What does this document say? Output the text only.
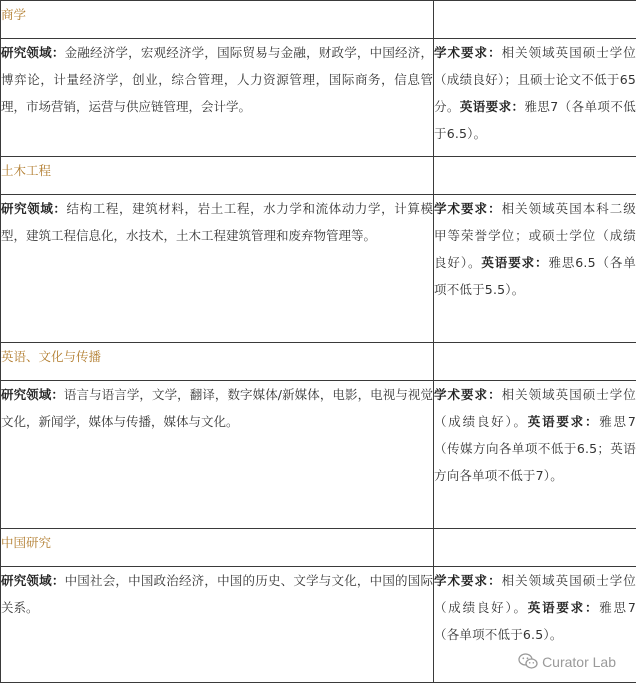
商学	
研究领域：金融经济学，宏观经济学，国际贸易与金融，财政学，中国经济，博弈论，计量经济学，创业，综合管理，人力资源管理，国际商务，信息管理，市场营销，运营与供应链管理，会计学。	学术要求：相关领域英国硕士学位（成绩良好）；且硕士论文不低于65分。英语要求：雅思7（各单项不低于6.5）。
土木工程	
研究领域：结构工程，建筑材料，岩土工程，水力学和流体动力学，计算模型，建筑工程信息化，水技术，土木工程建筑管理和废弃物管理等。	学术要求：相关领域英国本科二级甲等荣誉学位；或硕士学位（成绩良好）。英语要求：雅思6.5（各单项不低于5.5）。
英语、文化与传播	
研究领域：语言与语言学，文学，翻译，数字媒体/新媒体，电影，电视与视觉文化，新闻学，媒体与传播，媒体与文化。	学术要求：相关领域英国硕士学位（成绩良好）。英语要求：雅思7（传媒方向各单项不低于6.5；英语方向各单项不低于7）。
中国研究	
研究领域：中国社会，中国政治经济，中国的历史、文学与文化，中国的国际关系。	学术要求：相关领域英国硕士学位（成绩良好）。英语要求：雅思7（各单项不低于6.5）。
Curator Lab
